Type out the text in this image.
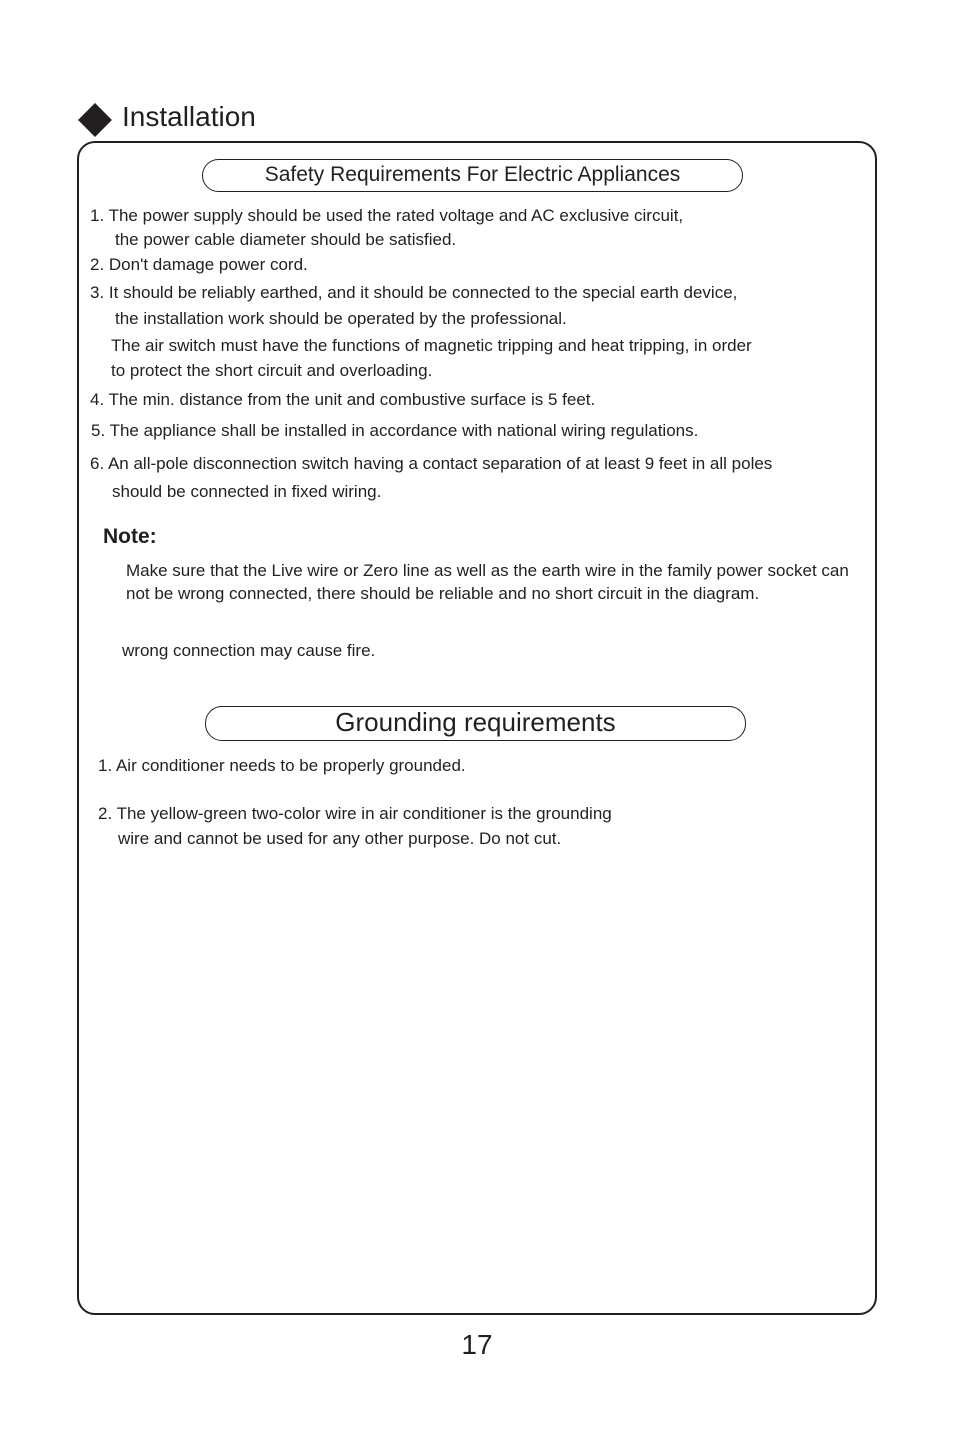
Installation
Safety Requirements For Electric Appliances
1. The power supply should be used the rated voltage and AC exclusive circuit,
the power cable diameter should be satisfied.
2. Don't damage power cord.
3. It should be reliably earthed, and it should be connected to the special earth device,
the installation work should be operated by the professional.
The air switch must have the functions of magnetic tripping and heat tripping, in order
to protect the short circuit and overloading.
4. The min. distance from the unit and combustive surface is 5 feet.
5. The appliance shall be installed in accordance with national wiring regulations.
6. An all-pole disconnection switch having a contact separation of at least 9 feet in all poles
should be connected in fixed wiring.
Note:
Make sure that the Live wire or Zero line as well as the earth wire in the family power socket can not be wrong connected, there should be reliable and no short circuit in the diagram.
wrong connection may cause fire.
Grounding requirements
1. Air conditioner needs to be properly grounded.
2. The yellow-green two-color wire in air conditioner is the grounding
wire and cannot be used for any other purpose. Do not cut.
17
